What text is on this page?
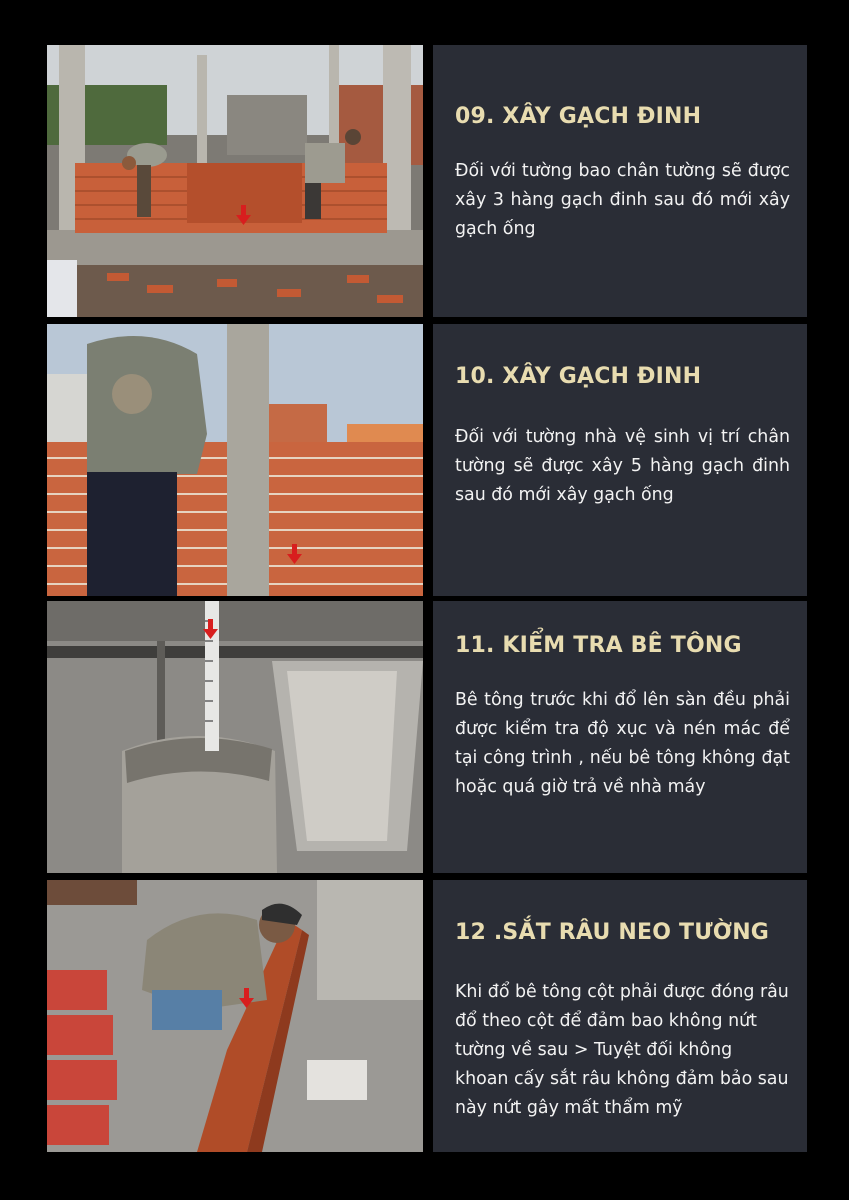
09. XÂY GẠCH ĐINH
Đối với tường bao chân tường sẽ được xây 3 hàng gạch đinh sau đó mới xây gạch ống
10. XÂY GẠCH ĐINH
Đối với tường nhà vệ sinh vị trí chân tường sẽ được xây 5 hàng gạch đinh sau đó mới xây gạch ống
11. KIỂM TRA BÊ TÔNG
Bê tông trước khi đổ lên sàn đều phải được kiểm tra độ xục và nén mác để tại công trình , nếu bê tông không đạt hoặc quá giờ trả về nhà máy
12 .SẮT RÂU NEO TƯỜNG
Khi đổ bê tông cột phải được đóng râu đổ theo cột để đảm bao không nứt tường về sau > Tuyệt đối không khoan cấy sắt râu không đảm bảo sau này nứt gây mất thẩm mỹ
